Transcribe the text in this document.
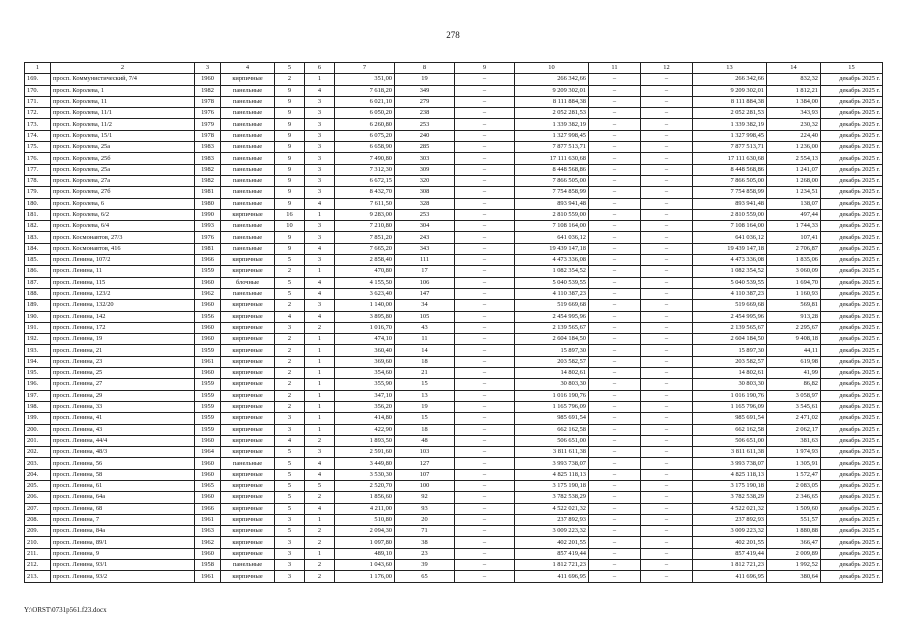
278
1	2	3	4	5	6	7	8	9	10	11	12	13	14	15
169.	просп. Коммунистический, 7/4	1960	кирпичные	2	1	351,00	19	–	266 342,66	–	–	266 342,66	832,32	декабрь 2025 г.
170.	просп. Королева, 1	1982	панельные	9	4	7 618,20	349	–	9 209 302,01	–	–	9 209 302,01	1 812,21	декабрь 2025 г.
171.	просп. Королева, 11	1978	панельные	9	3	6 021,10	279	–	8 111 884,38	–	–	8 111 884,38	1 384,00	декабрь 2025 г.
172.	просп. Королева, 11/1	1976	панельные	9	3	6 050,20	238	–	2 052 281,53	–	–	2 052 281,53	343,93	декабрь 2025 г.
173.	просп. Королева, 11/2	1979	панельные	9	3	6 260,80	253	–	1 339 382,19	–	–	1 339 382,19	230,32	декабрь 2025 г.
174.	просп. Королева, 15/1	1978	панельные	9	3	6 075,20	240	–	1 327 998,45	–	–	1 327 998,45	224,40	декабрь 2025 г.
175.	просп. Королева, 25а	1983	панельные	9	3	6 658,90	285	–	7 877 513,71	–	–	7 877 513,71	1 236,00	декабрь 2025 г.
176.	просп. Королева, 25б	1983	панельные	9	3	7 490,80	303	–	17 111 630,68	–	–	17 111 630,68	2 554,13	декабрь 2025 г.
177.	просп. Королева, 25а	1982	панельные	9	3	7 312,30	309	–	8 448 568,86	–	–	8 448 568,86	1 241,07	декабрь 2025 г.
178.	просп. Королева, 27а	1982	панельные	9	3	6 672,15	320	–	7 866 505,00	–	–	7 866 505,00	1 268,00	декабрь 2025 г.
179.	просп. Королева, 27б	1981	панельные	9	3	8 432,70	308	–	7 754 858,99	–	–	7 754 858,99	1 234,51	декабрь 2025 г.
180.	просп. Королева, 6	1980	панельные	9	4	7 611,50	328	–	893 941,48	–	–	893 941,48	138,07	декабрь 2025 г.
181.	просп. Королева, 6/2	1990	кирпичные	16	1	9 283,00	253	–	2 810 559,00	–	–	2 810 559,00	497,44	декабрь 2025 г.
182.	просп. Королева, 6/4	1993	панельные	10	3	7 210,80	304	–	7 108 164,00	–	–	7 108 164,00	1 744,33	декабрь 2025 г.
183.	просп. Космонавтов, 27/3	1976	панельные	9	3	7 851,20	243	–	641 036,12	–	–	641 036,12	107,41	декабрь 2025 г.
184.	просп. Космонавтов, 416	1981	панельные	9	4	7 665,20	343	–	19 439 147,18	–	–	19 439 147,18	2 706,87	декабрь 2025 г.
185.	просп. Ленина, 107/2	1966	кирпичные	5	3	2 858,40	111	–	4 473 336,08	–	–	4 473 336,08	1 835,06	декабрь 2025 г.
186.	просп. Ленина, 11	1959	кирпичные	2	1	470,80	17	–	1 082 354,52	–	–	1 082 354,52	3 060,09	декабрь 2025 г.
187.	просп. Ленина, 115	1960	блочные	5	4	4 155,50	106	–	5 040 539,55	–	–	5 040 539,55	1 694,70	декабрь 2025 г.
188.	просп. Ленина, 123/2	1962	панельные	5	4	3 623,40	147	–	4 110 387,23	–	–	4 110 387,23	1 160,93	декабрь 2025 г.
189.	просп. Ленина, 132/20	1960	кирпичные	2	3	1 140,00	34	–	519 669,68	–	–	519 669,68	569,81	декабрь 2025 г.
190.	просп. Ленина, 142	1956	кирпичные	4	4	3 895,80	105	–	2 454 995,96	–	–	2 454 995,96	913,28	декабрь 2025 г.
191.	просп. Ленина, 172	1960	кирпичные	3	2	1 016,70	43	–	2 139 565,67	–	–	2 139 565,67	2 295,67	декабрь 2025 г.
192.	просп. Ленина, 19	1960	кирпичные	2	1	474,10	11	–	2 604 184,50	–	–	2 604 184,50	9 408,18	декабрь 2025 г.
193.	просп. Ленина, 21	1959	кирпичные	2	1	360,40	14	–	15 897,30	–	–	15 897,30	44,11	декабрь 2025 г.
194.	просп. Ленина, 23	1961	кирпичные	2	1	369,60	18	–	203 582,57	–	–	203 582,57	619,98	декабрь 2025 г.
195.	просп. Ленина, 25	1960	кирпичные	2	1	354,60	21	–	14 802,61	–	–	14 802,61	41,99	декабрь 2025 г.
196.	просп. Ленина, 27	1959	кирпичные	2	1	355,90	15	–	30 803,30	–	–	30 803,30	86,82	декабрь 2025 г.
197.	просп. Ленина, 29	1959	кирпичные	2	1	347,10	13	–	1 016 190,76	–	–	1 016 190,76	3 058,97	декабрь 2025 г.
198.	просп. Ленина, 33	1959	кирпичные	2	1	356,20	19	–	1 165 796,09	–	–	1 165 796,09	3 545,61	декабрь 2025 г.
199.	просп. Ленина, 41	1959	кирпичные	3	1	414,80	15	–	985 691,54	–	–	985 691,54	2 471,02	декабрь 2025 г.
200.	просп. Ленина, 43	1959	кирпичные	3	1	422,90	18	–	662 162,58	–	–	662 162,58	2 062,17	декабрь 2025 г.
201.	просп. Ленина, 44/4	1960	кирпичные	4	2	1 893,50	48	–	506 651,00	–	–	506 651,00	381,63	декабрь 2025 г.
202.	просп. Ленина, 48/3	1964	кирпичные	5	3	2 591,60	103	–	3 811 611,38	–	–	3 811 611,38	1 974,93	декабрь 2025 г.
203.	просп. Ленина, 56	1960	панельные	5	4	3 449,80	127	–	3 993 738,07	–	–	3 993 738,07	1 305,91	декабрь 2025 г.
204.	просп. Ленина, 58	1960	кирпичные	5	4	3 530,30	107	–	4 825 118,13	–	–	4 825 118,13	1 572,47	декабрь 2025 г.
205.	просп. Ленина, 61	1965	кирпичные	5	5	2 520,70	100	–	3 175 190,18	–	–	3 175 190,18	2 083,05	декабрь 2025 г.
206.	просп. Ленина, 64а	1960	кирпичные	5	2	1 856,60	92	–	3 782 538,29	–	–	3 782 538,29	2 346,65	декабрь 2025 г.
207.	просп. Ленина, 68	1966	кирпичные	5	4	4 211,00	93	–	4 522 021,32	–	–	4 522 021,32	1 509,60	декабрь 2025 г.
208.	просп. Ленина, 7	1961	кирпичные	3	1	510,80	20	–	237 892,93	–	–	237 892,93	551,57	декабрь 2025 г.
209.	просп. Ленина, 84а	1963	кирпичные	5	2	2 094,30	71	–	3 009 223,32	–	–	3 009 223,32	1 880,88	декабрь 2025 г.
210.	просп. Ленина, 89/1	1962	кирпичные	3	2	1 097,80	38	–	402 201,55	–	–	402 201,55	366,47	декабрь 2025 г.
211.	просп. Ленина, 9	1960	кирпичные	3	1	489,10	23	–	857 419,44	–	–	857 419,44	2 009,89	декабрь 2025 г.
212.	просп. Ленина, 93/1	1958	панельные	3	2	1 043,60	39	–	1 812 721,23	–	–	1 812 721,23	1 992,52	декабрь 2025 г.
213.	просп. Ленина, 93/2	1961	кирпичные	3	2	1 176,00	65	–	411 696,95	–	–	411 696,95	380,64	декабрь 2025 г.
Y:\ORST\0731p561.f23.docx
